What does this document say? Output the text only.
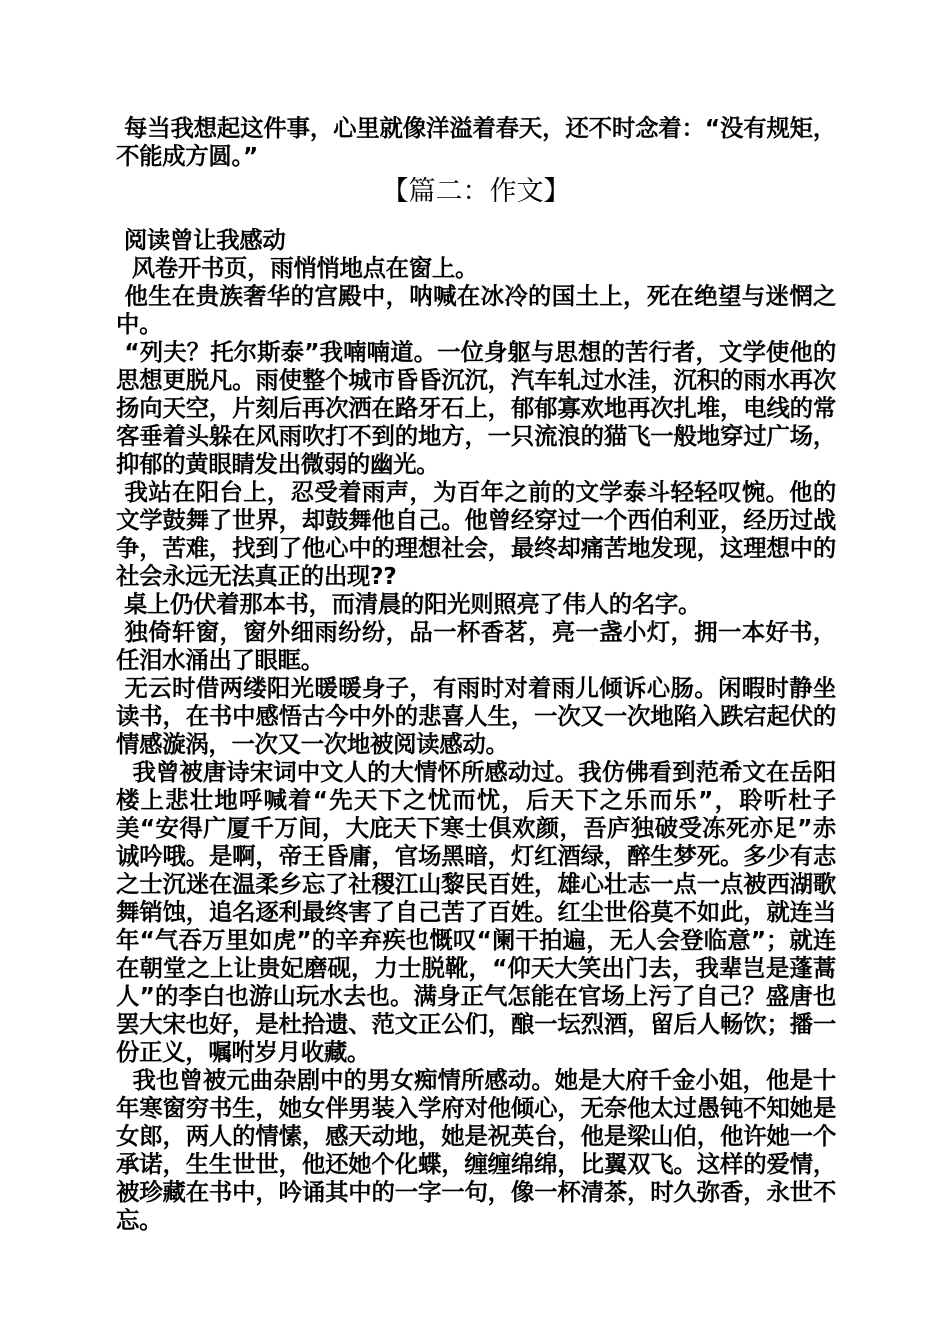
每当我想起这件事，心里就像洋溢着春天，还不时念着：“没有规矩，不能成方圆。”

【篇二：作文】

阅读曾让我感动

风卷开书页，雨悄悄地点在窗上。

他生在贵族奢华的宫殿中，呐喊在冰冷的国土上，死在绝望与迷惘之中。

“列夫？托尔斯泰”我喃喃道。一位身躯与思想的苦行者，文学使他的思想更脱凡。雨使整个城市昏昏沉沉，汽车轧过水洼，沉积的雨水再次扬向天空，片刻后再次洒在路牙石上，郁郁寡欢地再次扎堆，电线的常客垂着头躲在风雨吹打不到的地方，一只流浪的猫飞一般地穿过广场，抑郁的黄眼睛发出微弱的幽光。

我站在阳台上，忍受着雨声，为百年之前的文学泰斗轻轻叹惋。他的文学鼓舞了世界，却鼓舞他自己。他曾经穿过一个西伯利亚，经历过战争，苦难，找到了他心中的理想社会，最终却痛苦地发现，这理想中的社会永远无法真正的出现??

桌上仍伏着那本书，而清晨的阳光则照亮了伟人的名字。

独倚轩窗，窗外细雨纷纷，品一杯香茗，亮一盏小灯，拥一本好书，任泪水涌出了眼眶。

无云时借两缕阳光暖暖身子，有雨时对着雨儿倾诉心肠。闲暇时静坐读书，在书中感悟古今中外的悲喜人生，一次又一次地陷入跌宕起伏的情感漩涡，一次又一次地被阅读感动。

我曾被唐诗宋词中文人的大情怀所感动过。我仿佛看到范希文在岳阳楼上悲壮地呼喊着“先天下之忧而忧，后天下之乐而乐”，聆听杜子美“安得广厦千万间，大庇天下寒士俱欢颜，吾庐独破受冻死亦足”赤诚吟哦。是啊，帝王昏庸，官场黑暗，灯红酒绿，醉生梦死。多少有志之士沉迷在温柔乡忘了社稷江山黎民百姓，雄心壮志一点一点被西湖歌舞销蚀，追名逐利最终害了自己苦了百姓。红尘世俗莫不如此，就连当年“气吞万里如虎”的辛弃疾也慨叹“阑干拍遍，无人会登临意”；就连在朝堂之上让贵妃磨砚，力士脱靴，“仰天大笑出门去，我辈岂是蓬蒿人”的李白也游山玩水去也。满身正气怎能在官场上污了自己？盛唐也罢大宋也好，是杜拾遗、范文正公们，酿一坛烈酒，留后人畅饮；播一份正义，嘱咐岁月收藏。

我也曾被元曲杂剧中的男女痴情所感动。她是大府千金小姐，他是十年寒窗穷书生，她女伴男装入学府对他倾心，无奈他太过愚钝不知她是女郎，两人的情愫，感天动地，她是祝英台，他是梁山伯，他许她一个承诺，生生世世，他还她个化蝶，缠缠绵绵，比翼双飞。这样的爱情，被珍藏在书中，吟诵其中的一字一句，像一杯清茶，时久弥香，永世不忘。
